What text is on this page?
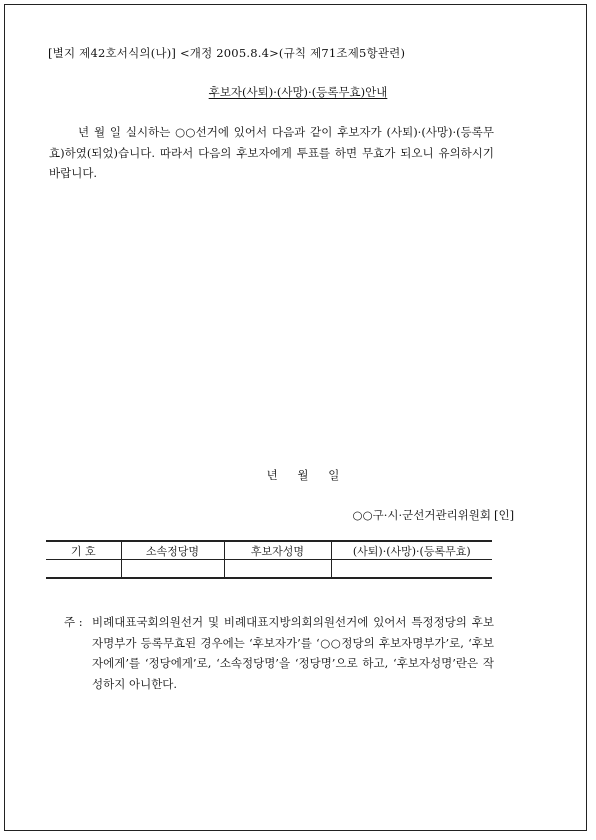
[별지 제42호서식의(나)] <개정 2005.8.4>(규칙 제71조제5항관련)
후보자(사퇴)·(사망)·(등록무효)안내
년 월 일 실시하는 ○○선거에 있어서 다음과 같이 후보자가 (사퇴)·(사망)·(등록무효)하였(되었)습니다. 따라서 다음의 후보자에게 투표를 하면 무효가 되오니 유의하시기 바랍니다.
년 월 일
○○구·시·군선거관리위원회 [인]
기 호	소속정당명	후보자성명	(사퇴)·(사망)·(등록무효)

주 : 비례대표국회의원선거 및 비례대표지방의회의원선거에 있어서 특정정당의 후보자명부가 등록무효된 경우에는 ‘후보자가’를 ‘○○정당의 후보자명부가’로, ‘후보자에게’를 ‘정당에게’로, ‘소속정당명’을 ‘정당명’으로 하고, ‘후보자성명’란은 작성하지 아니한다.
